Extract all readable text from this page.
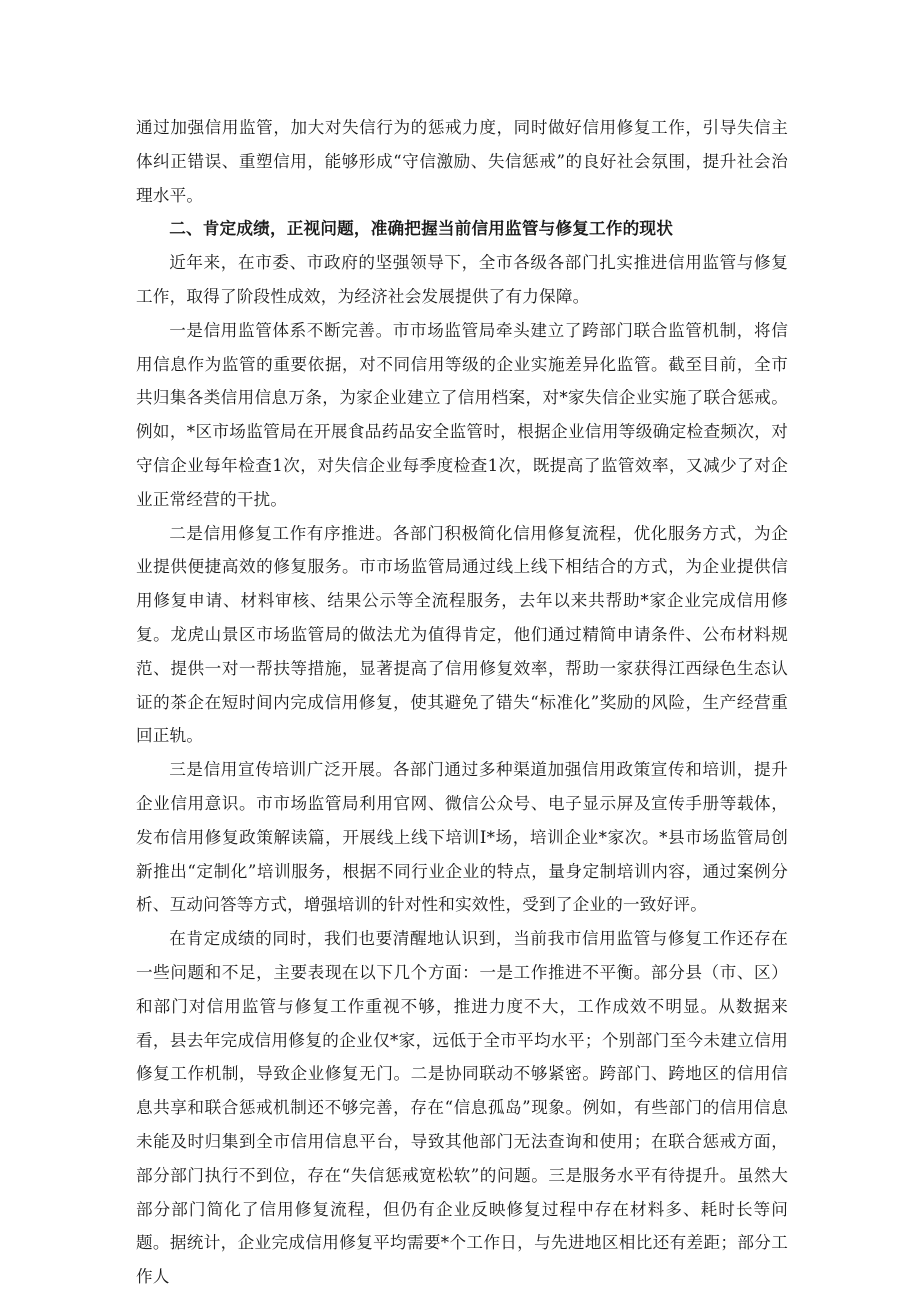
通过加强信用监管，加大对失信行为的惩戒力度，同时做好信用修复工作，引导失信主体纠正错误、重塑信用，能够形成“守信激励、失信惩戒”的良好社会氛围，提升社会治理水平。

二、肯定成绩，正视问题，准确把握当前信用监管与修复工作的现状

近年来，在市委、市政府的坚强领导下，全市各级各部门扎实推进信用监管与修复工作，取得了阶段性成效，为经济社会发展提供了有力保障。

一是信用监管体系不断完善。市市场监管局牵头建立了跨部门联合监管机制，将信用信息作为监管的重要依据，对不同信用等级的企业实施差异化监管。截至目前，全市共归集各类信用信息万条，为家企业建立了信用档案，对*家失信企业实施了联合惩戒。例如，*区市场监管局在开展食品药品安全监管时，根据企业信用等级确定检查频次，对守信企业每年检查1次，对失信企业每季度检查1次，既提高了监管效率，又减少了对企业正常经营的干扰。

二是信用修复工作有序推进。各部门积极简化信用修复流程，优化服务方式，为企业提供便捷高效的修复服务。市市场监管局通过线上线下相结合的方式，为企业提供信用修复申请、材料审核、结果公示等全流程服务，去年以来共帮助*家企业完成信用修复。龙虎山景区市场监管局的做法尤为值得肯定，他们通过精简申请条件、公布材料规范、提供一对一帮扶等措施，显著提高了信用修复效率，帮助一家获得江西绿色生态认证的茶企在短时间内完成信用修复，使其避免了错失“标准化”奖励的风险，生产经营重回正轨。

三是信用宣传培训广泛开展。各部门通过多种渠道加强信用政策宣传和培训，提升企业信用意识。市市场监管局利用官网、微信公众号、电子显示屏及宣传手册等载体，发布信用修复政策解读篇，开展线上线下培训I*场，培训企业*家次。*县市场监管局创新推出“定制化”培训服务，根据不同行业企业的特点，量身定制培训内容，通过案例分析、互动问答等方式，增强培训的针对性和实效性，受到了企业的一致好评。

在肯定成绩的同时，我们也要清醒地认识到，当前我市信用监管与修复工作还存在一些问题和不足，主要表现在以下几个方面：一是工作推进不平衡。部分县（市、区）和部门对信用监管与修复工作重视不够，推进力度不大，工作成效不明显。从数据来看，县去年完成信用修复的企业仅*家，远低于全市平均水平；个别部门至今未建立信用修复工作机制，导致企业修复无门。二是协同联动不够紧密。跨部门、跨地区的信用信息共享和联合惩戒机制还不够完善，存在“信息孤岛”现象。例如，有些部门的信用信息未能及时归集到全市信用信息平台，导致其他部门无法查询和使用；在联合惩戒方面，部分部门执行不到位，存在“失信惩戒宽松软”的问题。三是服务水平有待提升。虽然大部分部门简化了信用修复流程，但仍有企业反映修复过程中存在材料多、耗时长等问题。据统计，企业完成信用修复平均需要*个工作日，与先进地区相比还有差距；部分工作人
